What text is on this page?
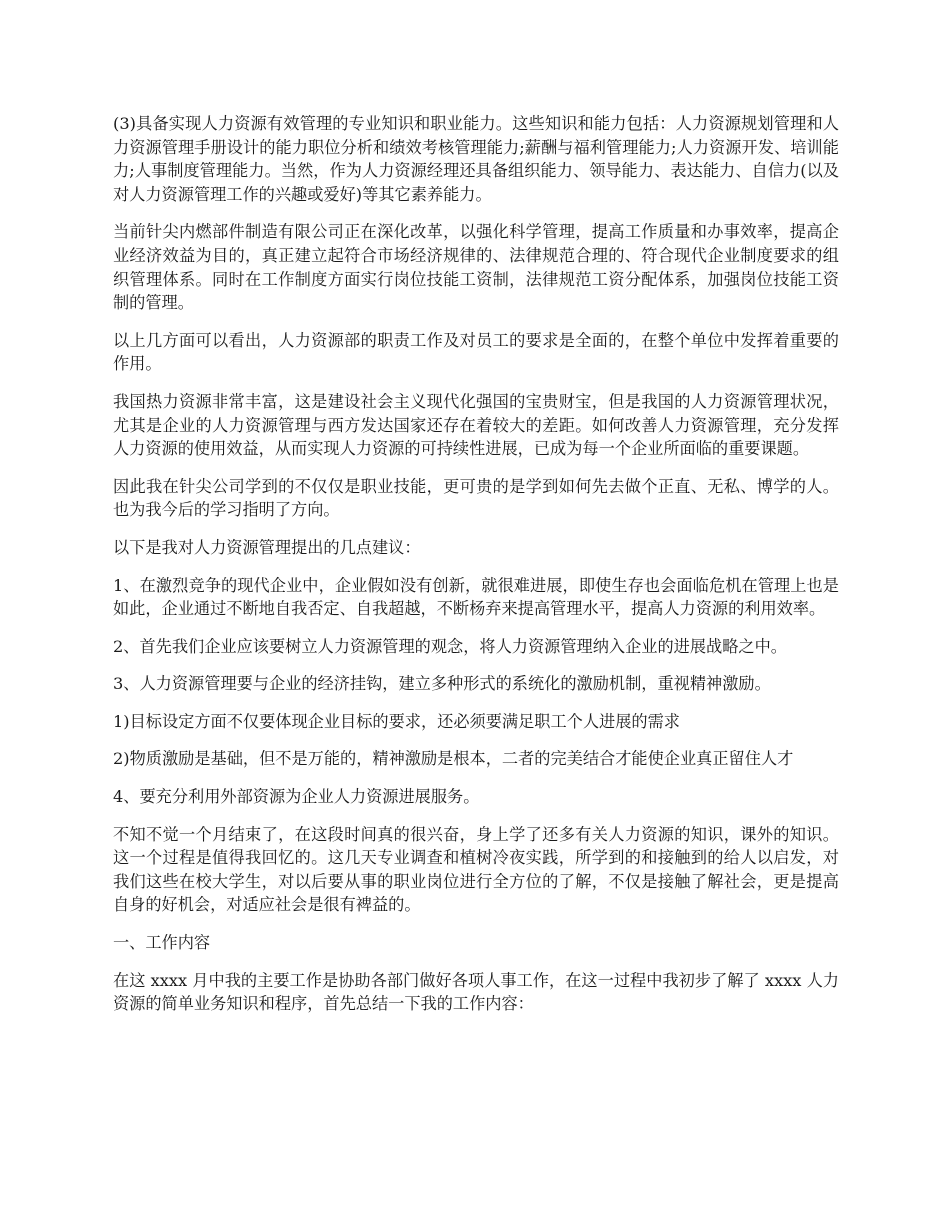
(3)具备实现人力资源有效管理的专业知识和职业能力。这些知识和能力包括：人力资源规划管理和人力资源管理手册设计的能力职位分析和绩效考核管理能力;薪酬与福利管理能力;人力资源开发、培训能力;人事制度管理能力。当然，作为人力资源经理还具备组织能力、领导能力、表达能力、自信力(以及对人力资源管理工作的兴趣或爱好)等其它素养能力。

当前针尖内燃部件制造有限公司正在深化改革，以强化科学管理，提高工作质量和办事效率，提高企业经济效益为目的，真正建立起符合市场经济规律的、法律规范合理的、符合现代企业制度要求的组织管理体系。同时在工作制度方面实行岗位技能工资制，法律规范工资分配体系，加强岗位技能工资制的管理。

以上几方面可以看出，人力资源部的职责工作及对员工的要求是全面的，在整个单位中发挥着重要的作用。

我国热力资源非常丰富，这是建设社会主义现代化强国的宝贵财宝，但是我国的人力资源管理状况，尤其是企业的人力资源管理与西方发达国家还存在着较大的差距。如何改善人力资源管理，充分发挥人力资源的使用效益，从而实现人力资源的可持续性进展，已成为每一个企业所面临的重要课题。

因此我在针尖公司学到的不仅仅是职业技能，更可贵的是学到如何先去做个正直、无私、博学的人。也为我今后的学习指明了方向。

以下是我对人力资源管理提出的几点建议：

1、在激烈竞争的现代企业中，企业假如没有创新，就很难进展，即使生存也会面临危机在管理上也是如此，企业通过不断地自我否定、自我超越，不断杨弃来提高管理水平，提高人力资源的利用效率。

2、首先我们企业应该要树立人力资源管理的观念，将人力资源管理纳入企业的进展战略之中。

3、人力资源管理要与企业的经济挂钩，建立多种形式的系统化的激励机制，重视精神激励。

1)目标设定方面不仅要体现企业目标的要求，还必须要满足职工个人进展的需求

2)物质激励是基础，但不是万能的，精神激励是根本，二者的完美结合才能使企业真正留住人才

4、要充分利用外部资源为企业人力资源进展服务。

不知不觉一个月结束了，在这段时间真的很兴奋，身上学了还多有关人力资源的知识，课外的知识。这一个过程是值得我回忆的。这几天专业调查和植树冷夜实践，所学到的和接触到的给人以启发，对我们这些在校大学生，对以后要从事的职业岗位进行全方位的了解，不仅是接触了解社会，更是提高自身的好机会，对适应社会是很有裨益的。

一、工作内容

在这 xxxx 月中我的主要工作是协助各部门做好各项人事工作，在这一过程中我初步了解了 xxxx 人力资源的简单业务知识和程序，首先总结一下我的工作内容：
